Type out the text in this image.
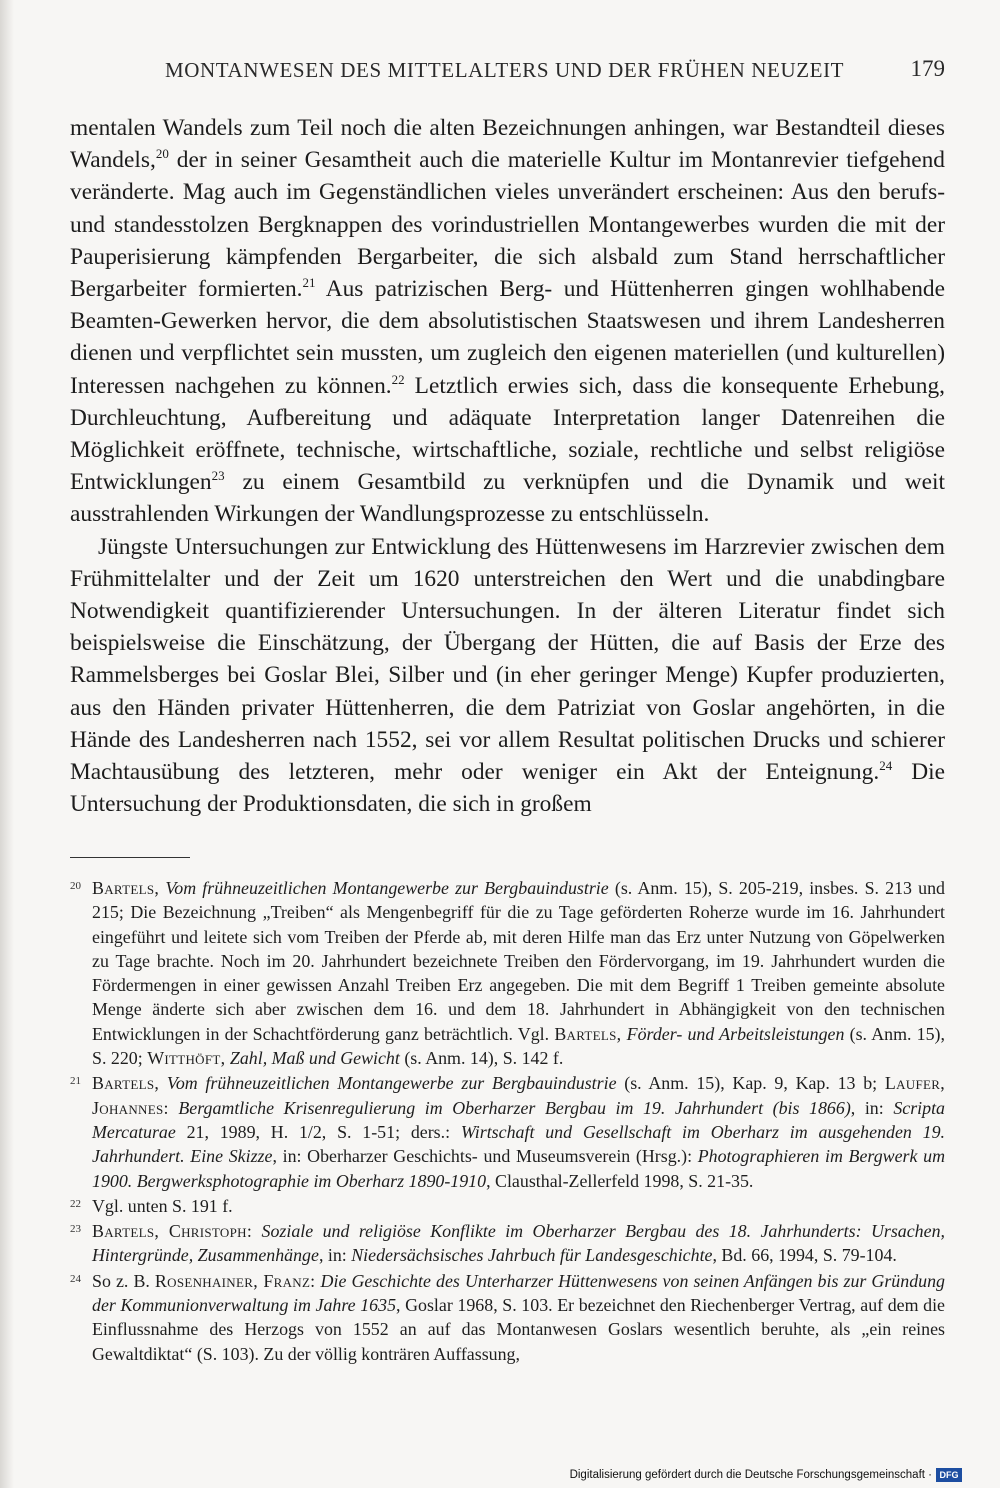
MONTANWESEN DES MITTELALTERS UND DER FRÜHEN NEUZEIT	179

mentalen Wandels zum Teil noch die alten Bezeichnungen anhingen, war Bestandteil dieses Wandels,$^{20}$ der in seiner Gesamtheit auch die materielle Kultur im Montanrevier tiefgehend veränderte. Mag auch im Gegenständlichen vieles unverändert erscheinen: Aus den berufs- und standesstolzen Bergknappen des vorindustriellen Montangewerbes wurden die mit der Pauperisierung kämpfenden Bergarbeiter, die sich alsbald zum Stand herrschaftlicher Bergarbeiter formierten.$^{21}$ Aus patrizischen Berg- und Hüttenherren gingen wohlhabende Beamten-Gewerken hervor, die dem absolutistischen Staatswesen und ihrem Landesherren dienen und verpflichtet sein mussten, um zugleich den eigenen materiellen (und kulturellen) Interessen nachgehen zu können.$^{22}$ Letztlich erwies sich, dass die konsequente Erhebung, Durchleuchtung, Aufbereitung und adäquate Interpretation langer Datenreihen die Möglichkeit eröffnete, technische, wirtschaftliche, soziale, rechtliche und selbst religiöse Entwicklungen$^{23}$ zu einem Gesamtbild zu verknüpfen und die Dynamik und weit ausstrahlenden Wirkungen der Wandlungsprozesse zu entschlüsseln.

Jüngste Untersuchungen zur Entwicklung des Hüttenwesens im Harzrevier zwischen dem Frühmittelalter und der Zeit um 1620 unterstreichen den Wert und die unabdingbare Notwendigkeit quantifizierender Untersuchungen. In der älteren Literatur findet sich beispielsweise die Einschätzung, der Übergang der Hütten, die auf Basis der Erze des Rammelsberges bei Goslar Blei, Silber und (in eher geringer Menge) Kupfer produzierten, aus den Händen privater Hüttenherren, die dem Patriziat von Goslar angehörten, in die Hände des Landesherren nach 1552, sei vor allem Resultat politischen Drucks und schierer Machtausübung des letzteren, mehr oder weniger ein Akt der Enteignung.$^{24}$ Die Untersuchung der Produktionsdaten, die sich in großem

20 Bartels, Vom frühneuzeitlichen Montangewerbe zur Bergbauindustrie (s. Anm. 15), S. 205-219, insbes. S. 213 und 215; Die Bezeichnung „Treiben“ als Mengenbegriff für die zu Tage geförderten Roherze wurde im 16. Jahrhundert eingeführt und leitete sich vom Treiben der Pferde ab, mit deren Hilfe man das Erz unter Nutzung von Göpelwerken zu Tage brachte. Noch im 20. Jahrhundert bezeichnete Treiben den Fördervorgang, im 19. Jahrhundert wurden die Fördermengen in einer gewissen Anzahl Treiben Erz angegeben. Die mit dem Begriff 1 Treiben gemeinte absolute Menge änderte sich aber zwischen dem 16. und dem 18. Jahrhundert in Abhängigkeit von den technischen Entwicklungen in der Schachtförderung ganz beträchtlich. Vgl. Bartels, Förder- und Arbeitsleistungen (s. Anm. 15), S. 220; Witthöft, Zahl, Maß und Gewicht (s. Anm. 14), S. 142 f.
21 Bartels, Vom frühneuzeitlichen Montangewerbe zur Bergbauindustrie (s. Anm. 15), Kap. 9, Kap. 13 b; Laufer, Johannes: Bergamtliche Krisenregulierung im Oberharzer Bergbau im 19. Jahrhundert (bis 1866), in: Scripta Mercaturae 21, 1989, H. 1/2, S. 1-51; ders.: Wirtschaft und Gesellschaft im Oberharz im ausgehenden 19. Jahrhundert. Eine Skizze, in: Oberharzer Geschichts- und Museumsverein (Hrsg.): Photographieren im Bergwerk um 1900. Bergwerksphotographie im Oberharz 1890-1910, Clausthal-Zellerfeld 1998, S. 21-35.
22 Vgl. unten S. 191 f.
23 Bartels, Christoph: Soziale und religiöse Konflikte im Oberharzer Bergbau des 18. Jahrhunderts: Ursachen, Hintergründe, Zusammenhänge, in: Niedersächsisches Jahrbuch für Landesgeschichte, Bd. 66, 1994, S. 79-104.
24 So z. B. Rosenhainer, Franz: Die Geschichte des Unterharzer Hüttenwesens von seinen Anfängen bis zur Gründung der Kommunionverwaltung im Jahre 1635, Goslar 1968, S. 103. Er bezeichnet den Riechenberger Vertrag, auf dem die Einflussnahme des Herzogs von 1552 an auf das Montanwesen Goslars wesentlich beruhte, als „ein reines Gewaltdiktat“ (S. 103). Zu der völlig konträren Auffassung,
Digitalisierung gefördert durch die Deutsche Forschungsgemeinschaft · DFG
